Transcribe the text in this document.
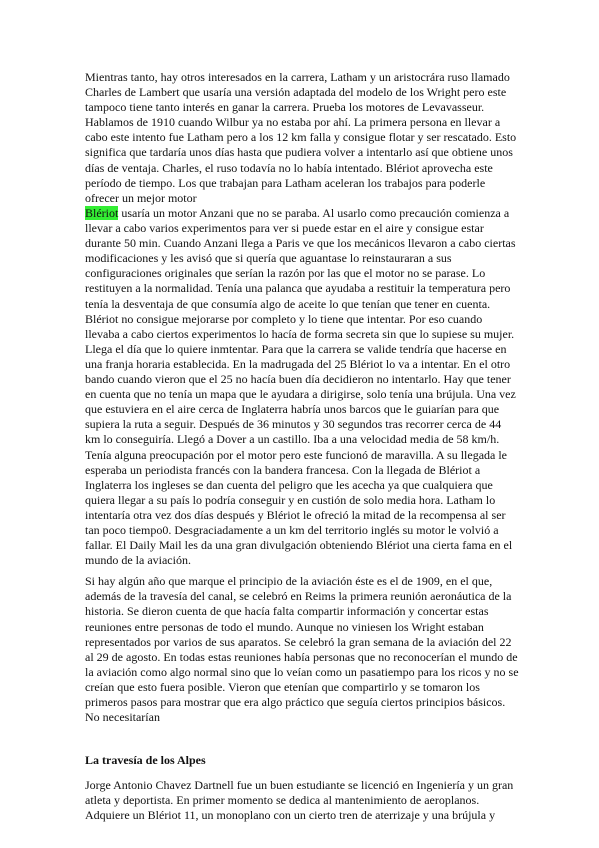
Mientras tanto, hay otros interesados en la carrera, Latham y un aristocrára ruso llamado Charles de Lambert que usaría una versión adaptada del modelo de los Wright pero este tampoco tiene tanto interés en ganar la carrera. Prueba los motores de Levavasseur. Hablamos de 1910 cuando Wilbur ya no estaba por ahí. La primera persona en llevar a cabo este intento fue Latham pero a los 12 km falla y consigue flotar y ser rescatado. Esto significa que tardaría unos días hasta que pudiera volver a intentarlo así que obtiene unos días de ventaja. Charles, el ruso todavía no lo había intentado. Blériot aprovecha este período de tiempo. Los que trabajan para Latham aceleran los trabajos para poderle ofrecer un mejor motor

Blériot usaría un motor Anzani que no se paraba. Al usarlo como precaución comienza a llevar a cabo varios experimentos para ver si puede estar en el aire y consigue estar durante 50 min. Cuando Anzani llega a Paris ve que los mecánicos llevaron a cabo ciertas modificaciones y les avisó que si quería que aguantase lo reinstauraran a sus configuraciones originales que serían la razón por las que el motor no se parase. Lo restituyen a la normalidad. Tenía una palanca que ayudaba a restituir la temperatura pero tenía la desventaja de que consumía algo de aceite lo que tenían que tener en cuenta. Blériot no consigue mejorarse por completo y lo tiene que intentar. Por eso cuando llevaba a cabo ciertos experimentos lo hacía de forma secreta sin que lo supiese su mujer. Llega el día que lo quiere inmtentar. Para que la carrera se valide tendría que hacerse en una franja horaria establecida. En la madrugada del 25 Blériot lo va a intentar. En el otro bando cuando vieron que el 25 no hacía buen día decidieron no intentarlo. Hay que tener en cuenta que no tenía un mapa que le ayudara a dirigirse, solo tenía una brújula. Una vez que estuviera en el aire cerca de Inglaterra habría unos barcos que le guiarían para que supiera la ruta a seguir. Después de 36 minutos y 30 segundos tras recorrer cerca de 44 km lo conseguiría. Llegó a Dover a un castillo. Iba a una velocidad media de 58 km/h. Tenía alguna preocupación por el motor pero este funcionó de maravilla. A su llegada le esperaba un periodista francés con la bandera francesa. Con la llegada de Blériot a Inglaterra los ingleses se dan cuenta del peligro que les acecha ya que cualquiera que quiera llegar a su país lo podría conseguir y en custión de solo media hora. Latham lo intentaría otra vez dos días después y Blériot le ofreció la mitad de la recompensa al ser tan poco tiempo0. Desgraciadamente a un km del territorio inglés su motor le volvió a fallar. El Daily Mail les da una gran divulgación obteniendo Blériot una cierta fama en el mundo de la aviación.

Si hay algún año que marque el principio de la aviación éste es el de 1909, en el que, además de la travesía del canal, se celebró en Reims la primera reunión aeronáutica de la historia. Se dieron cuenta de que hacía falta compartir información y concertar estas reuniones entre personas de todo el mundo. Aunque no viniesen los Wright estaban representados por varios de sus aparatos. Se celebró la gran semana de la aviación del 22 al 29 de agosto. En todas estas reuniones había personas que no reconocerían el mundo de la aviación como algo normal sino que lo veían como un pasatiempo para los ricos y no se creían que esto fuera posible. Vieron que etenían que compartirlo y se tomaron los primeros pasos para mostrar que era algo práctico que seguía ciertos principios básicos. No necesitarían

La travesía de los Alpes

Jorge Antonio Chavez Dartnell fue un buen estudiante se licenció en Ingeniería y un gran atleta y deportista. En primer momento se dedica al mantenimiento de aeroplanos. Adquiere un Blériot 11, un monoplano con un cierto tren de aterrizaje y una brújula y
